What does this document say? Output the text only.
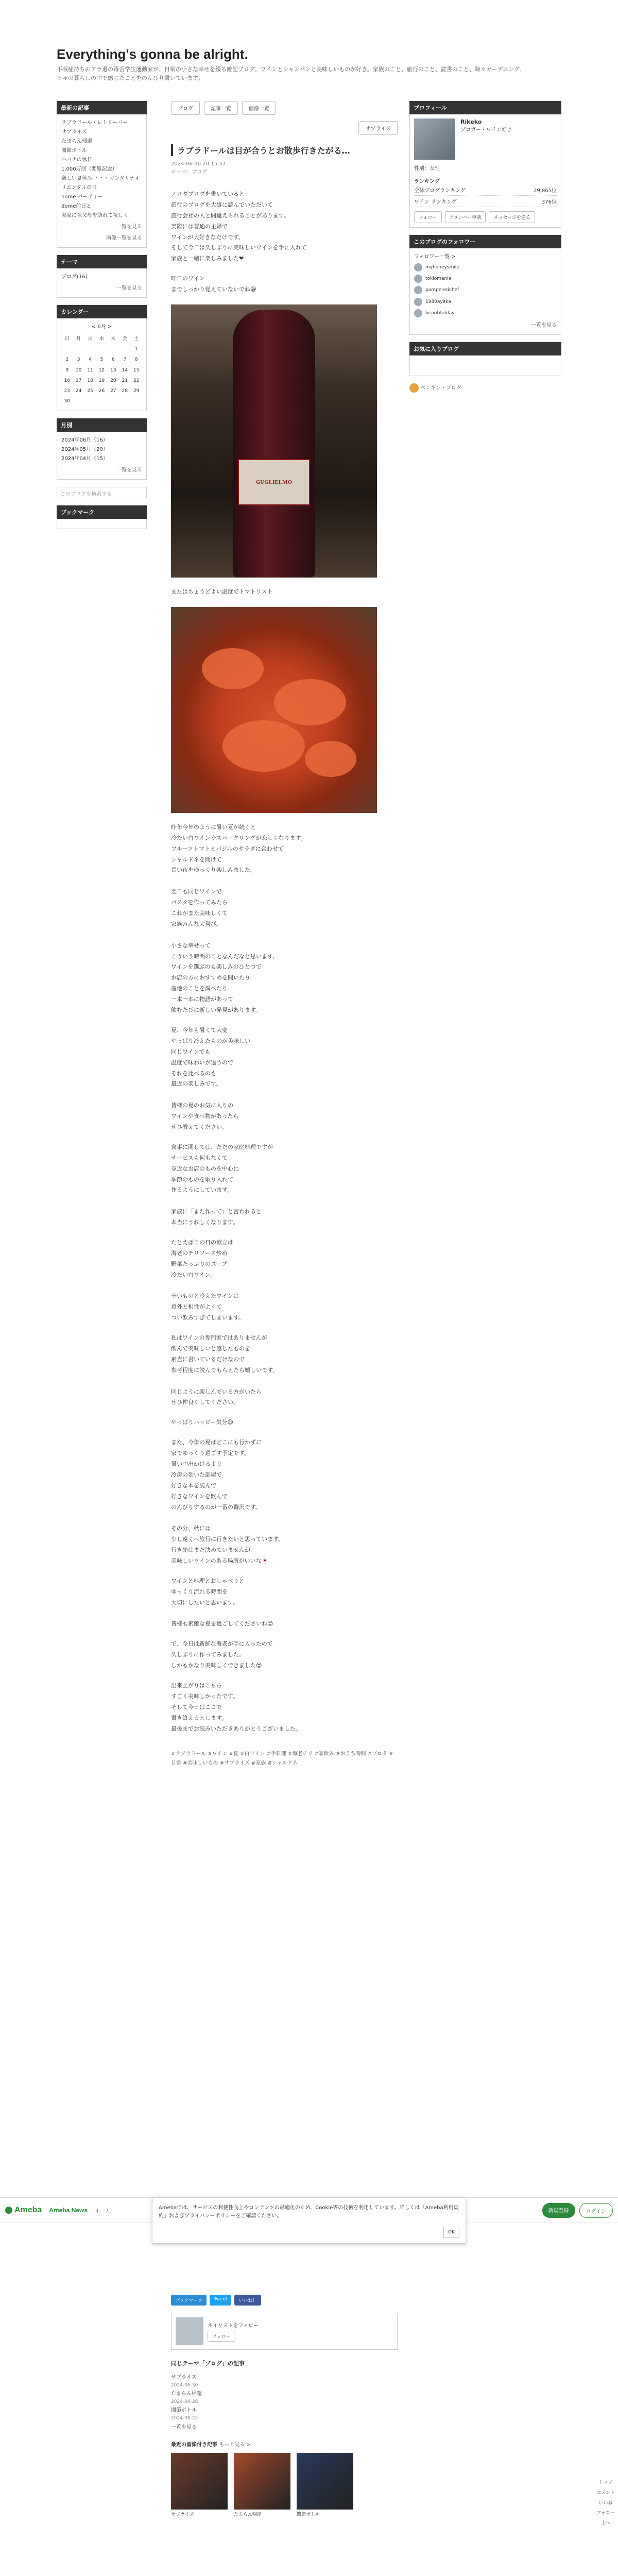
Everything's gonna be alright.
不眠症持ちのアラ還の毒舌学生運動家が、日常の小さな幸せを綴る雑記ブログ。ワインとシャンパンと美味しいものが好き。家族のこと、旅行のこと、読書のこと、時々ガーデニング、日々の暮らしの中で感じたことをのんびり書いています。
最新の記事
ラブラドール・レトリーバー
サプライズ
たまらん帰還
関節ボトル
ハバナの休日
1,000万回（閲覧記念）
楽しい夏休み ・・・マンダリナオリエンタルの日
home パーティー
dome前日と
実家に祖父母を訪れて祝しく
一覧を見る
画像一覧を見る
テーマ
ブログ(16)
一覧を見る
カレンダー
< 6月 >
日	月	火	水	木	金	土
						1
2	3	4	5	6	7	8
9	10	11	12	13	14	15
16	17	18	19	20	21	22
23	24	25	26	27	28	29
30						
月別
2024年06月（16）
2024年05月（20）
2024年04月（15）
一覧を見る
このブログを検索する
ブックマーク
ブログ	記事一覧	画像一覧
サプライズ
ラブラドールは目が合うとお散歩行きたがる…
2024-06-30 20:15:37
テーマ：ブログ

ノロダブログを書いていると
旅行のブログを大事に読んでいただいて
旅行会社の人と間違えられることがあります。
実際には普通の主婦で
ワインが大好きなだけです。
そして今日は久しぶりに美味しいワインを手に入れて
家族と一緒に楽しみました❤

昨日のワイン
までしっかり覚えていないでね😅

GUGLIELMO

またはちょうどよい温度でトマトリスト

昨年今年のように暑い夏が続くと
冷たい白ワインやスパークリングが恋しくなります。
フルーツトマトとバジルのサラダに合わせて
シャルドネを開けて
長い夜をゆっくり楽しみました。

翌日も同じワインで
パスタを作ってみたら
これがまた美味しくて
家族みんな大喜び。

小さな幸せって
こういう時間のことなんだなと思います。
ワインを選ぶのも楽しみのひとつで
お店の方におすすめを聞いたり
産地のことを調べたり
一本一本に物語があって
飲むたびに新しい発見があります。

夏、今年も暑くて大変
やっぱり冷えたものが美味しい
同じワインでも
温度で味わいが違うので
それを比べるのも
最近の楽しみです。

皆様の夏のお気に入りの
ワインや食べ物があったら
ぜひ教えてください。

食事に関しては、ただの家庭料理ですが
サービスも何もなくて
身近なお店のものを中心に
季節のものを取り入れて
作るようにしています。

家族に「また作って」と言われると
本当にうれしくなります。

たとえばこの日の献立は
海老のチリソース炒め
野菜たっぷりのスープ
冷たい白ワイン。

辛いものと冷えたワインは
意外と相性がよくて
つい飲みすぎてしまいます。

私はワインの専門家ではありませんが
飲んで美味しいと感じたものを
素直に書いているだけなので
参考程度に読んでもらえたら嬉しいです。

同じように楽しんでいる方がいたら
ぜひ仲良くしてください。

やっぱりハッピー気分😊

また、今年の夏はどこにも行かずに
家でゆっくり過ごす予定です。
暑い中出かけるより
冷房の効いた部屋で
好きな本を読んで
好きなワインを飲んで
のんびりするのが一番の贅沢です。

その分、秋には
少し遠くへ旅行に行きたいと思っています。
行き先はまだ決めていませんが
美味しいワインのある場所がいいな🍷

ワインと料理とおしゃべりと
ゆっくり流れる時間を
大切にしたいと思います。

皆様も素敵な夏を過ごしてくださいね😊

で、今日は新鮮な海老が手に入ったので
久しぶりに作ってみました。
しかもかなり美味しくできました😍

出来上がりはこちら
すごく美味しかったです。
そして今日はここで
書き終えるとします。
最後までお読みいただきありがとうございました。

#ラブラドール #ワイン #夏 #白ワイン #手料理 #海老チリ #家飲み #おうち時間 #ブログ #日常 #美味しいもの #サプライズ #家族 #シャルドネ
ブックマーク	Tweet	いいね！
ネイリストをフォロー
フォロー
同じテーマ「ブログ」の記事
サプライズ
2024-06-30
たまらん帰還
2024-06-28
関節ボトル
2024-06-25
一覧を見る
最近の画像付き記事 もっと見る >
サプライズ	たまらん帰還	関節ボトル
プロフィール
Rikeko
ブロガー・ワイン好き
性別：女性
ランキング
全体ブログランキング	29,865位
ワイン ランキング	376位
フォロー	アメンバー申請	メッセージを送る
このブログのフォロワー
フォロワー一覧 >
myhoneysmile
tokiomania
pamperedchef
1980ayaka
beautifulday
一覧を見る
お気に入りブログ
ペンギン・ブログ
Ameba Ameba News ホーム	新規登録	ログイン
Amebaでは、サービスの利便性向上やコンテンツの最適化のため、Cookie等の技術を利用しています。詳しくは「Ameba利用規約」およびプライバシーポリシーをご確認ください。
OK
トップ
コメント
いいね
フォロー
上へ
